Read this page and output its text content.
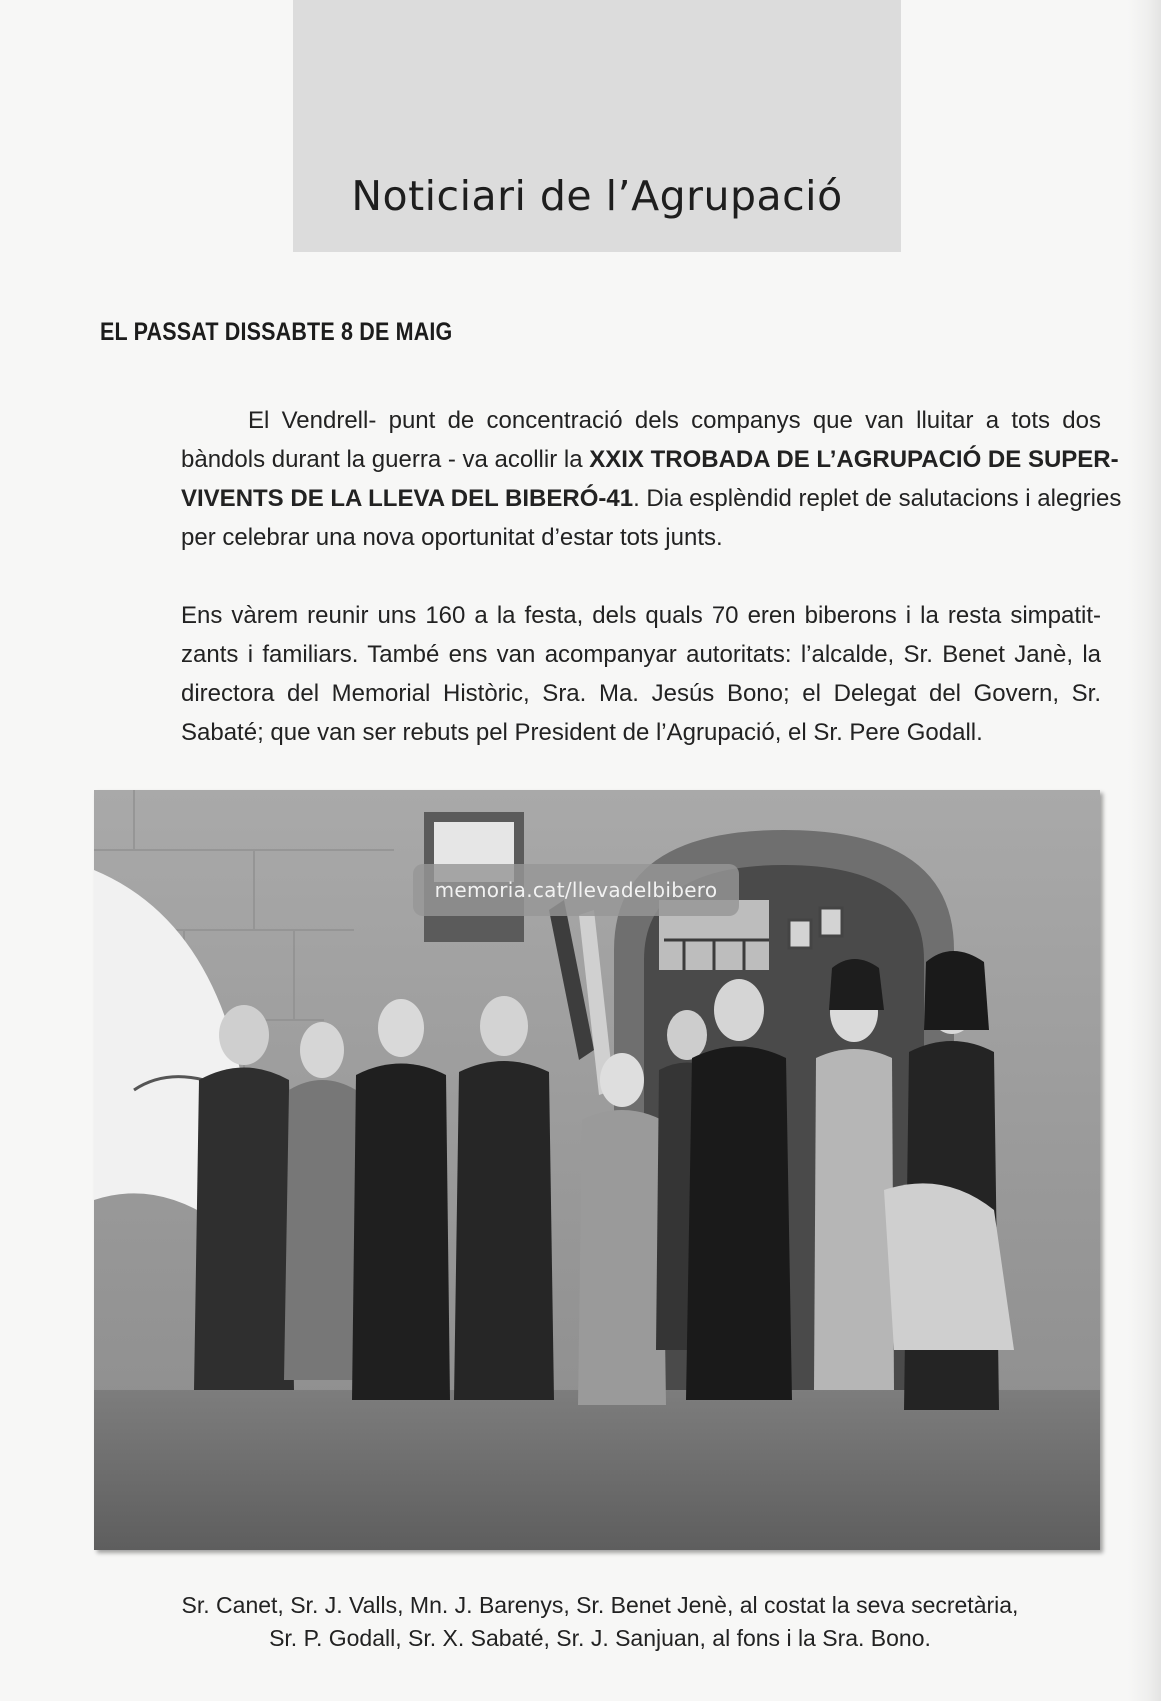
Noticiari de l’Agrupació
EL PASSAT DISSABTE 8 DE MAIG
El Vendrell- punt de concentració dels companys que van lluitar a tots dos
bàndols durant la guerra - va acollir la XXIX TROBADA DE L’AGRUPACIÓ DE SUPER-
VIVENTS DE LA LLEVA DEL BIBERÓ-41. Dia esplèndid replet de salutacions i alegries
per celebrar una nova oportunitat d’estar tots junts.
Ens vàrem reunir uns 160 a la festa, dels quals 70 eren biberons i la resta simpatit-
zants i familiars. També ens van acompanyar autoritats: l’alcalde, Sr. Benet Janè, la
directora del Memorial Històric, Sra. Ma. Jesús Bono; el Delegat del Govern, Sr.
Sabaté; que van ser rebuts pel President de l’Agrupació, el Sr. Pere Godall.
memoria.cat/llevadelbibero
Sr. Canet, Sr. J. Valls, Mn. J. Barenys, Sr. Benet Jenè, al costat la seva secretària,
Sr. P. Godall, Sr. X. Sabaté, Sr. J. Sanjuan, al fons i la Sra. Bono.
